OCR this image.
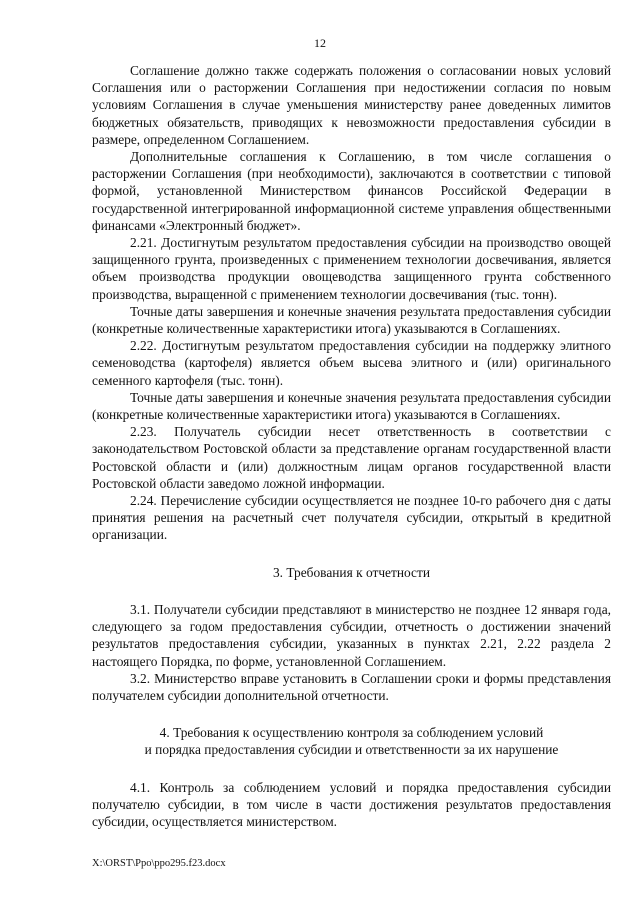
12

Соглашение должно также содержать положения о согласовании новых условий Соглашения или о расторжении Соглашения при недостижении согласия по новым условиям Соглашения в случае уменьшения министерству ранее доведенных лимитов бюджетных обязательств, приводящих к невозможности предоставления субсидии в размере, определенном Соглашением.

Дополнительные соглашения к Соглашению, в том числе соглашения о расторжении Соглашения (при необходимости), заключаются в соответствии с типовой формой, установленной Министерством финансов Российской Федерации в государственной интегрированной информационной системе управления общественными финансами «Электронный бюджет».

2.21. Достигнутым результатом предоставления субсидии на производство овощей защищенного грунта, произведенных с применением технологии досвечивания, является объем производства продукции овощеводства защищенного грунта собственного производства, выращенной с применением технологии досвечивания (тыс. тонн).

Точные даты завершения и конечные значения результата предоставления субсидии (конкретные количественные характеристики итога) указываются в Соглашениях.

2.22. Достигнутым результатом предоставления субсидии на поддержку элитного семеноводства (картофеля) является объем высева элитного и (или) оригинального семенного картофеля (тыс. тонн).

Точные даты завершения и конечные значения результата предоставления субсидии (конкретные количественные характеристики итога) указываются в Соглашениях.

2.23. Получатель субсидии несет ответственность в соответствии с законодательством Ростовской области за представление органам государственной власти Ростовской области и (или) должностным лицам органов государственной власти Ростовской области заведомо ложной информации.

2.24. Перечисление субсидии осуществляется не позднее 10-го рабочего дня с даты принятия решения на расчетный счет получателя субсидии, открытый в кредитной организации.

3. Требования к отчетности

3.1. Получатели субсидии представляют в министерство не позднее 12 января года, следующего за годом предоставления субсидии, отчетность о достижении значений результатов предоставления субсидии, указанных в пунктах 2.21, 2.22 раздела 2 настоящего Порядка, по форме, установленной Соглашением.

3.2. Министерство вправе установить в Соглашении сроки и формы представления получателем субсидии дополнительной отчетности.

4. Требования к осуществлению контроля за соблюдением условий
и порядка предоставления субсидии и ответственности за их нарушение

4.1. Контроль за соблюдением условий и порядка предоставления субсидии получателю субсидии, в том числе в части достижения результатов предоставления субсидии, осуществляется министерством.

X:\ORST\Ppo\ppo295.f23.docx
